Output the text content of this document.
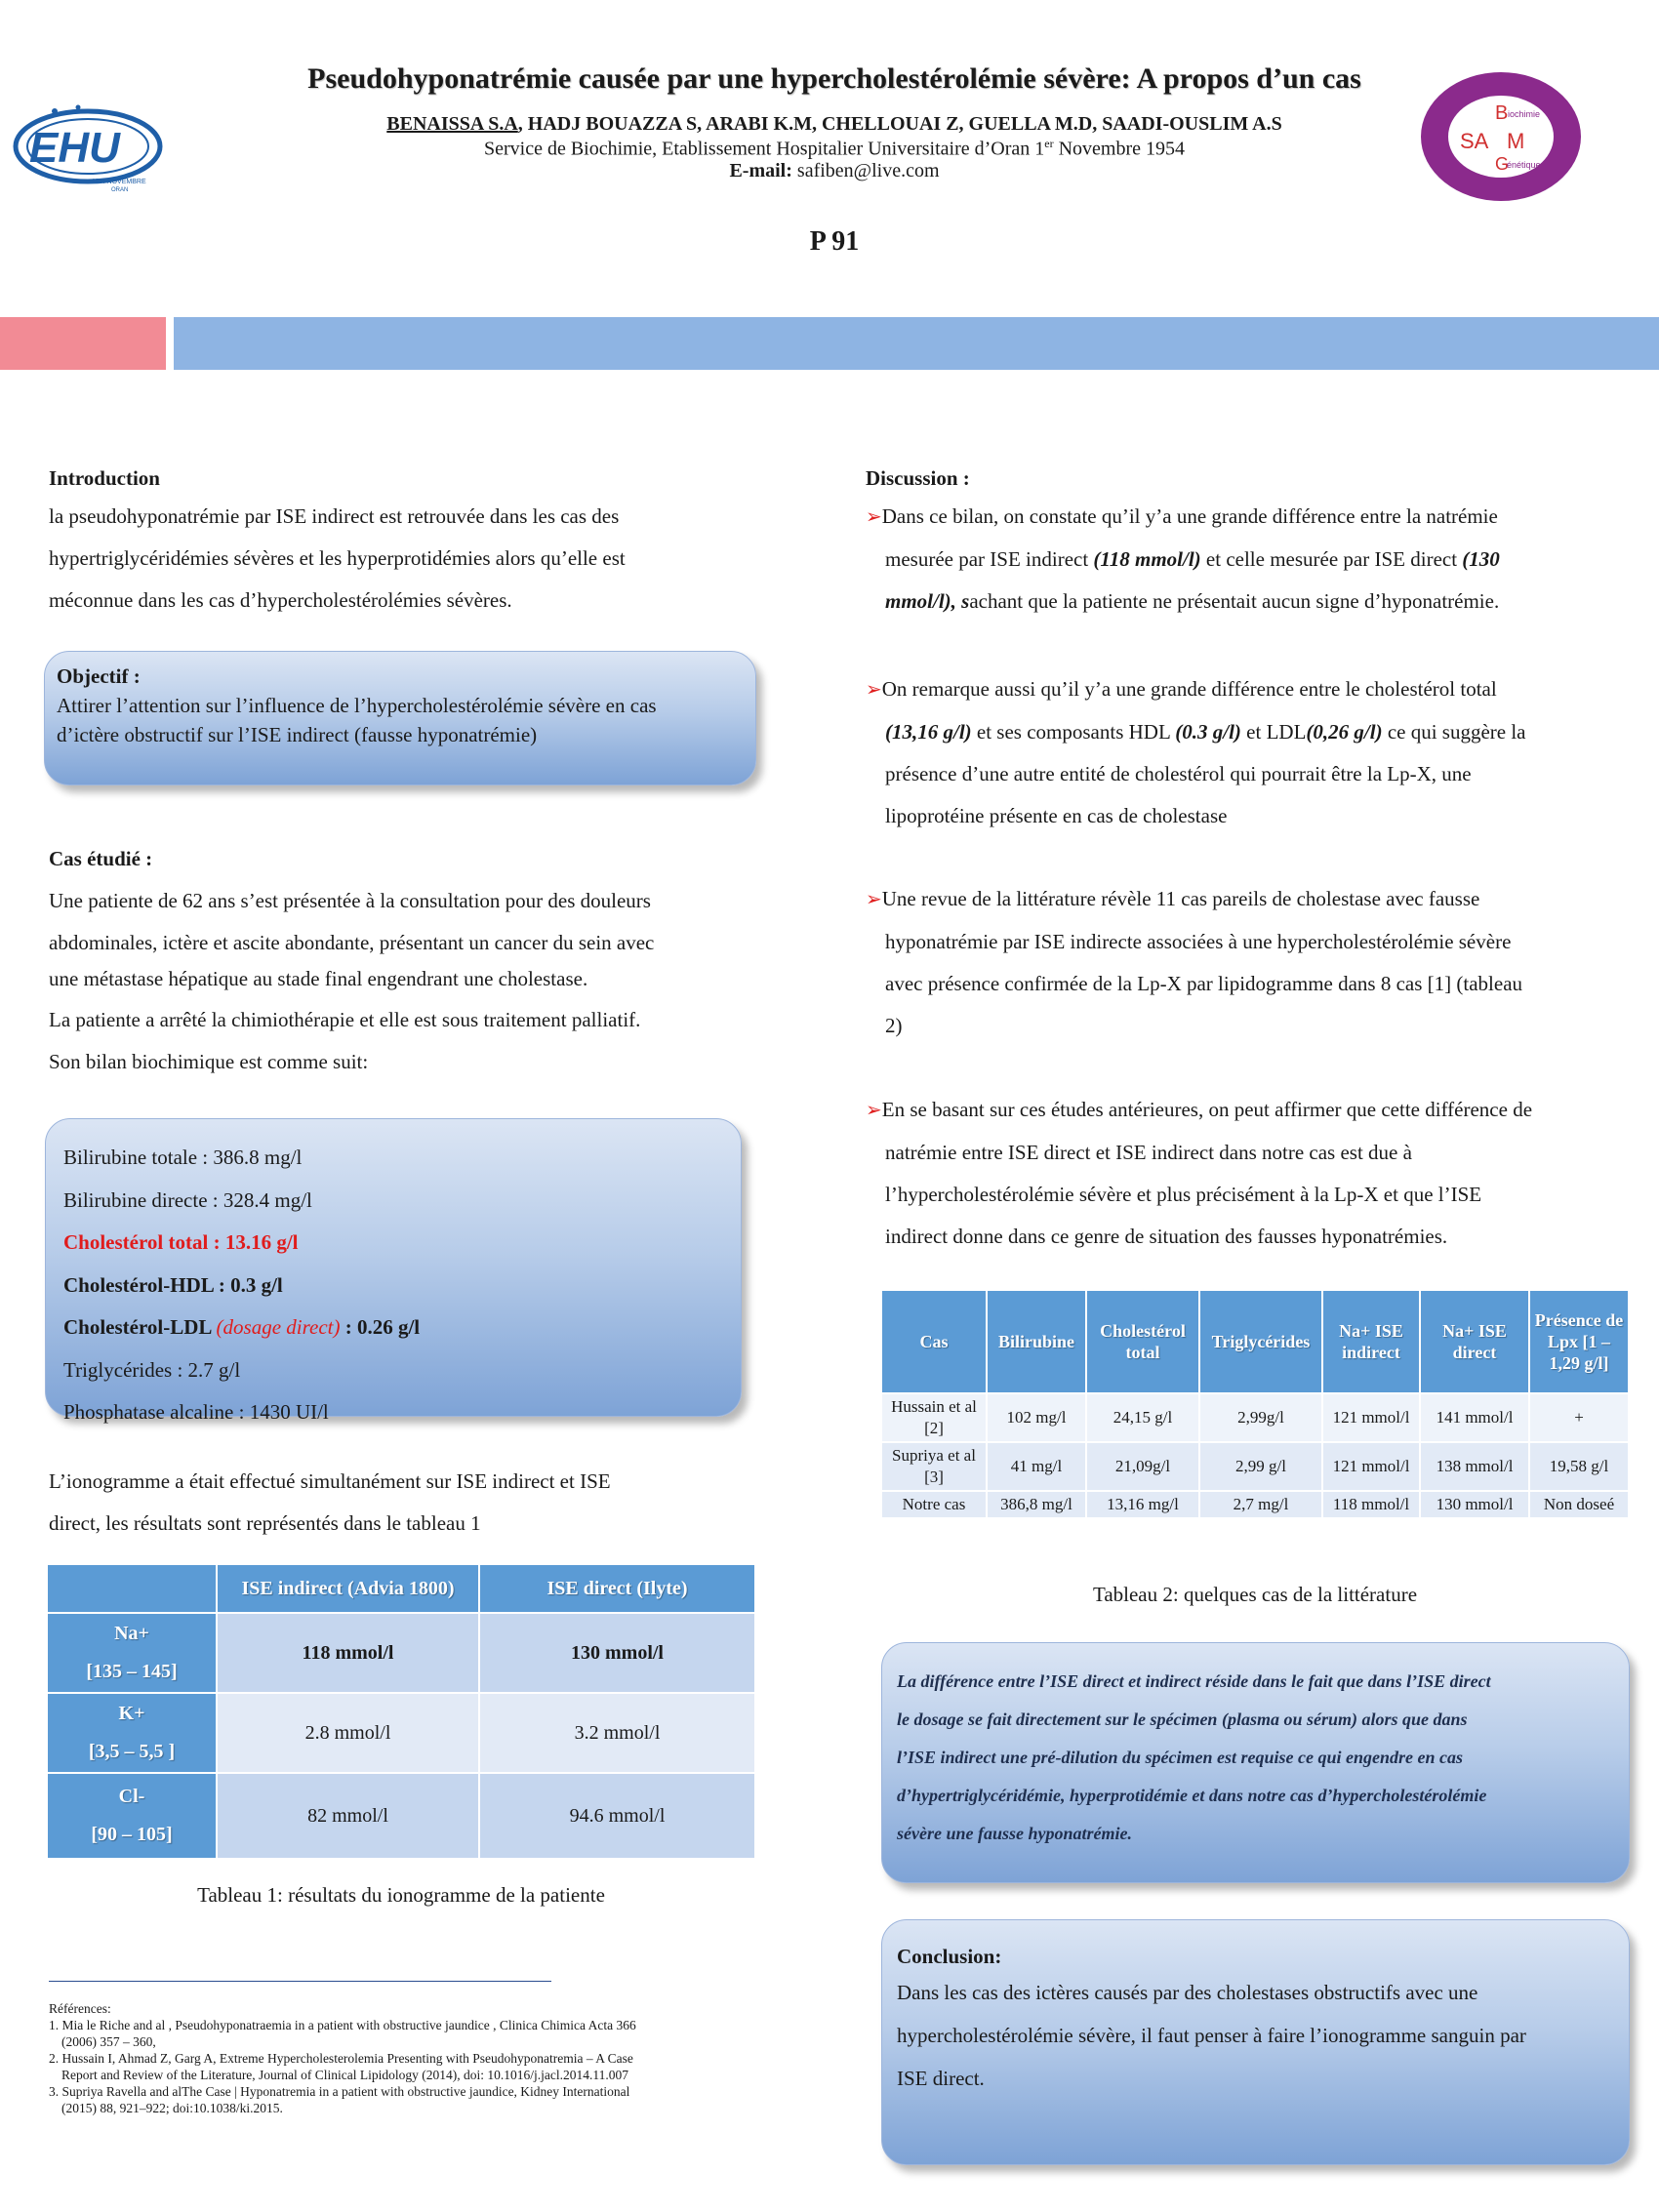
EHU
1ER NOVEMBRE
ORAN
Pseudohyponatrémie causée par une hypercholestérolémie sévère: A propos d’un cas
BENAISSA S.A, HADJ BOUAZZA S, ARABI K.M, CHELLOUAI Z, GUELLA M.D, SAADI-OUSLIM A.S
Service de Biochimie, Etablissement Hospitalier Universitaire d’Oran 1er Novembre 1954
E-mail: safiben@live.com
P 91
B iochimie
SA M
G
énétique
Introduction
la pseudohyponatrémie par ISE indirect est retrouvée dans les cas des
hypertriglycéridémies sévères et les hyperprotidémies alors qu’elle est
méconnue dans les cas d’hypercholestérolémies sévères.
Objectif :
Attirer l’attention sur l’influence de l’hypercholestérolémie sévère en cas
d’ictère obstructif sur l’ISE indirect (fausse hyponatrémie)
Cas étudié :
Une patiente de 62 ans s’est présentée à la consultation pour des douleurs
abdominales, ictère et ascite abondante, présentant un cancer du sein avec
une métastase hépatique au stade final engendrant une cholestase.
La patiente a arrêté la chimiothérapie et elle est sous traitement palliatif.
Son bilan biochimique est comme suit:
Bilirubine totale : 386.8 mg/l
Bilirubine directe : 328.4 mg/l
Cholestérol total : 13.16 g/l
Cholestérol-HDL : 0.3 g/l
Cholestérol-LDL (dosage direct) : 0.26 g/l
Triglycérides : 2.7 g/l
Phosphatase alcaline : 1430 UI/l
L’ionogramme a était effectué simultanément sur ISE indirect et ISE
direct, les résultats sont représentés dans le tableau 1
	ISE indirect (Advia 1800)	ISE direct (Ilyte)

Na+
[135 – 145]	118 mmol/l	130 mmol/l

K+
[3,5 – 5,5 ]	2.8 mmol/l	3.2 mmol/l

Cl-
[90 – 105]	82 mmol/l	94.6 mmol/l
Tableau 1: résultats du ionogramme de la patiente
Références:
1. Mia le Riche and al , Pseudohyponatraemia in a patient with obstructive jaundice , Clinica Chimica Acta 366
(2006) 357 – 360,
2. Hussain I, Ahmad Z, Garg A, Extreme Hypercholesterolemia Presenting with Pseudohyponatremia – A Case
Report and Review of the Literature, Journal of Clinical Lipidology (2014), doi: 10.1016/j.jacl.2014.11.007
3. Supriya Ravella and alThe Case | Hyponatremia in a patient with obstructive jaundice, Kidney International
(2015) 88, 921–922; doi:10.1038/ki.2015.
Discussion :
➢Dans ce bilan, on constate qu’il y’a une grande différence entre la natrémie
mesurée par ISE indirect (118 mmol/l) et celle mesurée par ISE direct (130
mmol/l), sachant que la patiente ne présentait aucun signe d’hyponatrémie.
➢On remarque aussi qu’il y’a une grande différence entre le cholestérol total
(13,16 g/l) et ses composants HDL (0.3 g/l) et LDL(0,26 g/l) ce qui suggère la
présence d’une autre entité de cholestérol qui pourrait être la Lp-X, une
lipoprotéine présente en cas de cholestase
➢Une revue de la littérature révèle 11 cas pareils de cholestase avec fausse
hyponatrémie par ISE indirecte associées à une hypercholestérolémie sévère
avec présence confirmée de la Lp-X par lipidogramme dans 8 cas [1] (tableau
2)
➢En se basant sur ces études antérieures, on peut affirmer que cette différence de
natrémie entre ISE direct et ISE indirect dans notre cas est due à
l’hypercholestérolémie sévère et plus précisément à la Lp-X et que l’ISE
indirect donne dans ce genre de situation des fausses hyponatrémies.
Cas	Bilirubine	Cholestérol total	Triglycérides	Na+ ISE indirect	Na+ ISE direct	Présence de Lpx [1 – 1,29 g/l]
Hussain et al [2]	102 mg/l	24,15 g/l	2,99g/l	121 mmol/l	141 mmol/l	+
Supriya et al [3]	41 mg/l	21,09g/l	2,99 g/l	121 mmol/l	138 mmol/l	19,58 g/l
Notre cas	386,8 mg/l	13,16 mg/l	2,7 mg/l	118 mmol/l	130 mmol/l	Non doseé
Tableau 2: quelques cas de la littérature
La différence entre l’ISE direct et indirect réside dans le fait que dans l’ISE direct
le dosage se fait directement sur le spécimen (plasma ou sérum) alors que dans
l’ISE indirect une pré-dilution du spécimen est requise ce qui engendre en cas
d’hypertriglycéridémie, hyperprotidémie et dans notre cas d’hypercholestérolémie
sévère une fausse hyponatrémie.
Conclusion:
Dans les cas des ictères causés par des cholestases obstructifs avec une
hypercholestérolémie sévère, il faut penser à faire l’ionogramme sanguin par
ISE direct.
